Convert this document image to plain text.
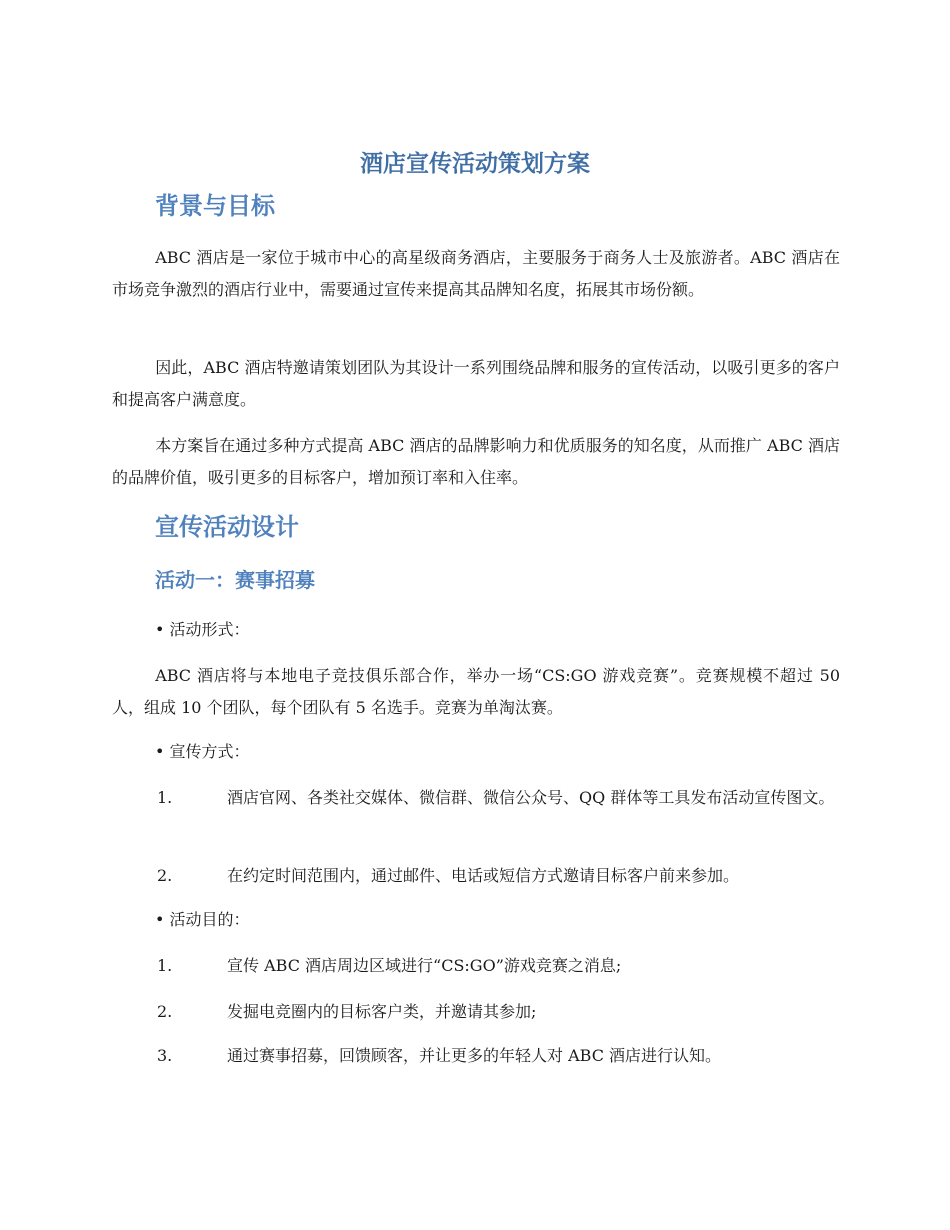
酒店宣传活动策划方案
背景与目标

ABC 酒店是一家位于城市中心的高星级商务酒店，主要服务于商务人士及旅游者。ABC 酒店在市场竞争激烈的酒店行业中，需要通过宣传来提高其品牌知名度，拓展其市场份额。

因此，ABC 酒店特邀请策划团队为其设计一系列围绕品牌和服务的宣传活动，以吸引更多的客户和提高客户满意度。

本方案旨在通过多种方式提高 ABC 酒店的品牌影响力和优质服务的知名度，从而推广 ABC 酒店的品牌价值，吸引更多的目标客户，增加预订率和入住率。

宣传活动设计
活动一：赛事招募

• 活动形式：

ABC 酒店将与本地电子竞技俱乐部合作，举办一场“CS:GO 游戏竞赛”。竞赛规模不超过 50 人，组成 10 个团队，每个团队有 5 名选手。竞赛为单淘汰赛。

• 宣传方式：

1.	酒店官网、各类社交媒体、微信群、微信公众号、QQ 群体等工具发布活动宣传图文。

2.	在约定时间范围内，通过邮件、电话或短信方式邀请目标客户前来参加。

• 活动目的：

1.	宣传 ABC 酒店周边区域进行“CS:GO”游戏竞赛之消息;

2.	发掘电竞圈内的目标客户类，并邀请其参加;

3.	通过赛事招募，回馈顾客，并让更多的年轻人对 ABC 酒店进行认知。
